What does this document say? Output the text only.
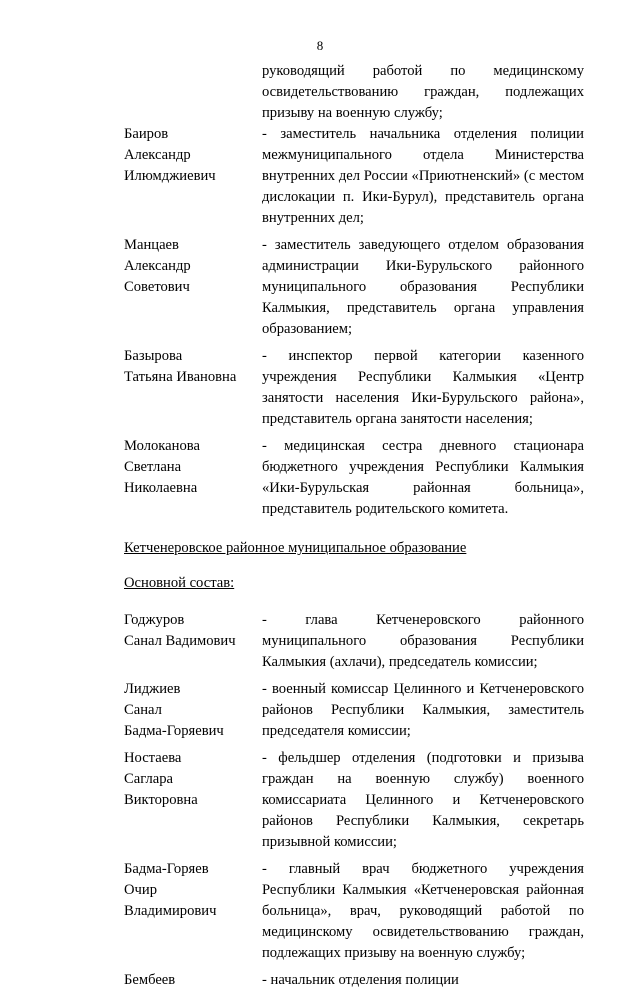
8
руководящий работой по медицинскому освидетельствованию граждан, подлежащих призыву на военную службу;
Баиров
Александр
Илюмджиевич
- заместитель начальника отделения полиции межмуниципального отдела Министерства внутренних дел России «Приютненский» (с местом дислокации п. Ики-Бурул), представитель органа внутренних дел;
Манцаев
Александр
Советович
- заместитель заведующего отделом образования администрации Ики-Бурульского районного муниципального образования Республики Калмыкия, представитель органа управления образованием;
Базырова
Татьяна Ивановна
- инспектор первой категории казенного учреждения Республики Калмыкия «Центр занятости населения Ики-Бурульского района», представитель органа занятости населения;
Молоканова
Светлана
Николаевна
- медицинская сестра дневного стационара бюджетного учреждения Республики Калмыкия «Ики-Бурульская районная больница», представитель родительского комитета.
Кетченеровское районное муниципальное образование
Основной состав:
Годжуров
Санал Вадимович
- глава Кетченеровского районного муниципального образования Республики Калмыкия (ахлачи), председатель комиссии;
Лиджиев
Санал
Бадма-Горяевич
- военный комиссар Целинного и Кетченеровского районов Республики Калмыкия, заместитель председателя комиссии;
Ностаева
Саглара
Викторовна
- фельдшер отделения (подготовки и призыва граждан на военную службу) военного комиссариата Целинного и Кетченеровского районов Республики Калмыкия, секретарь призывной комиссии;
Бадма-Горяев
Очир
Владимирович
- главный врач бюджетного учреждения Республики Калмыкия «Кетченеровская районная больница», врач, руководящий работой по медицинскому освидетельствованию граждан, подлежащих призыву на военную службу;
Бембеев	- начальник отделения полиции
